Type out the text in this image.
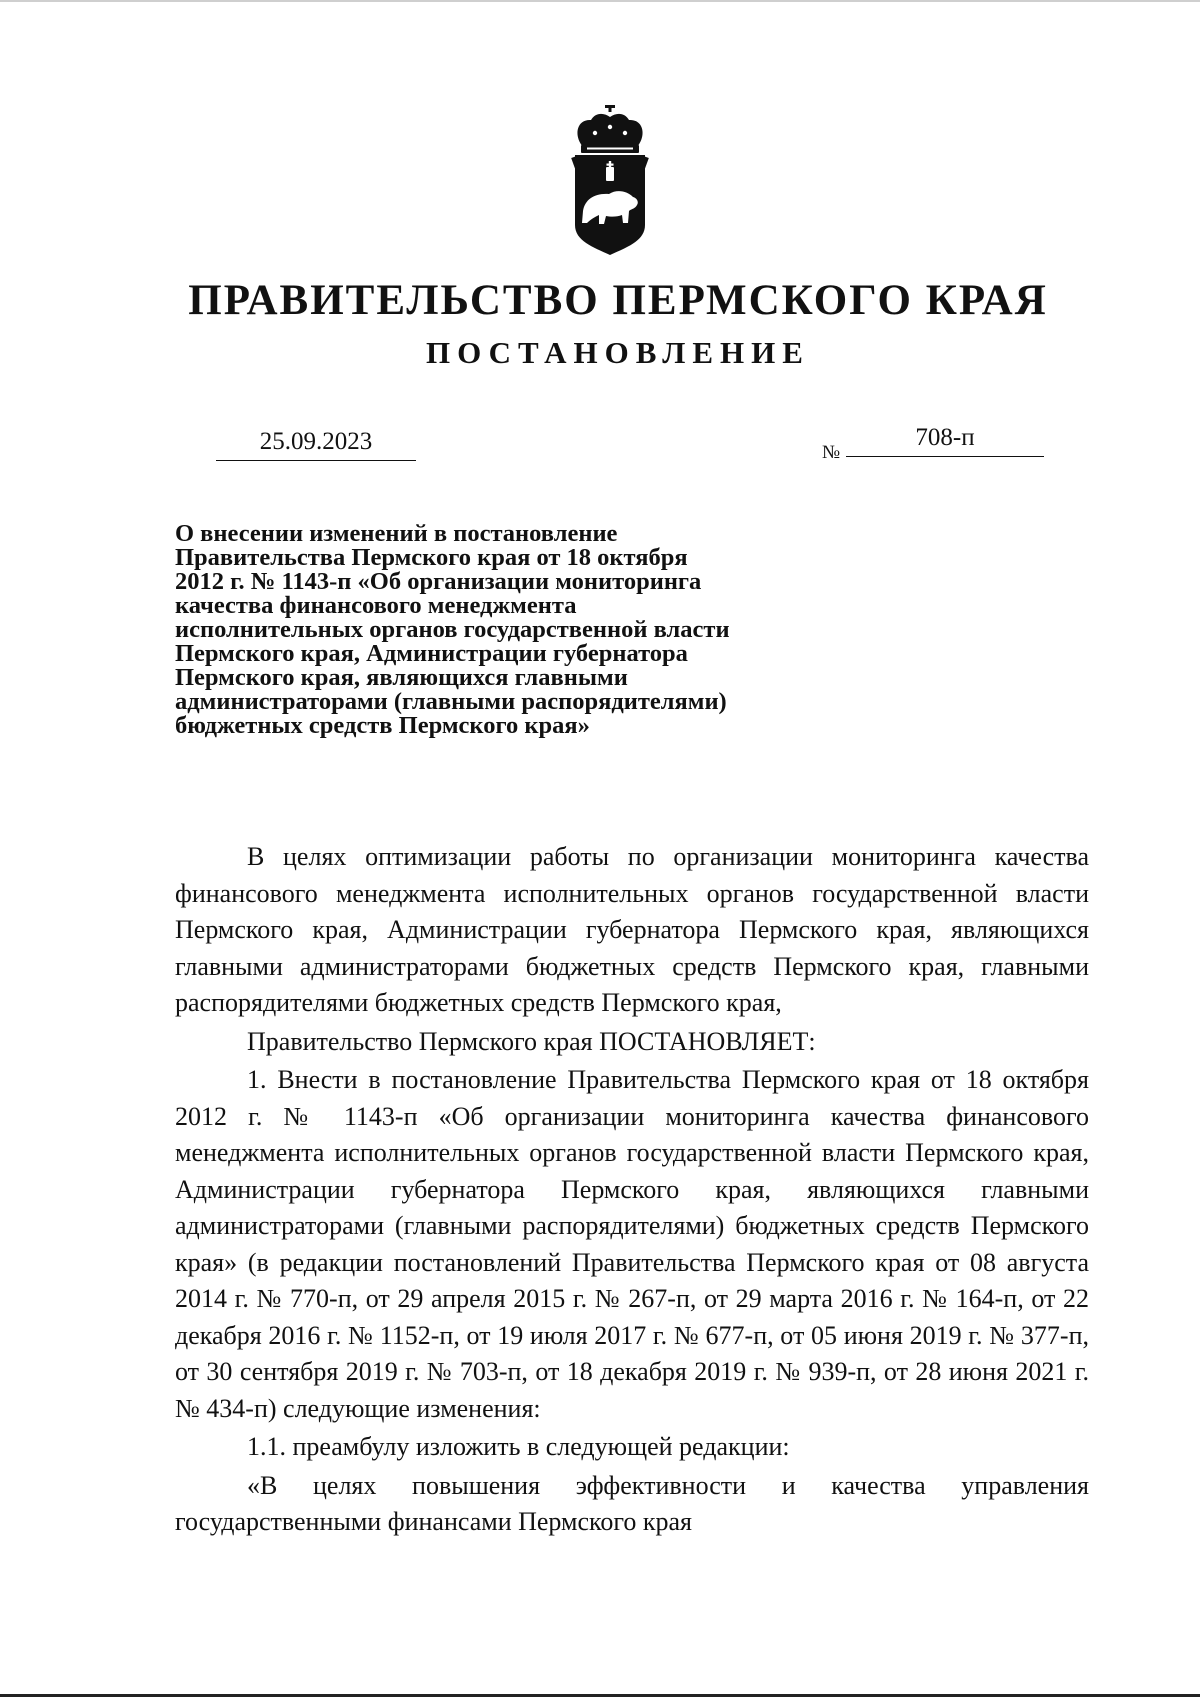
ПРАВИТЕЛЬСТВО ПЕРМСКОГО КРАЯ
ПОСТАНОВЛЕНИЕ
25.09.2023	№
708-п
О внесении изменений в постановление
Правительства Пермского края от 18 октября
2012 г. № 1143-п «Об организации мониторинга
качества финансового менеджмента
исполнительных органов государственной власти
Пермского края, Администрации губернатора
Пермского края, являющихся главными
администраторами (главными распорядителями)
бюджетных средств Пермского края»

В целях оптимизации работы по организации мониторинга качества финансового менеджмента исполнительных органов государственной власти Пермского края, Администрации губернатора Пермского края, являющихся главными администраторами бюджетных средств Пермского края, главными распорядителями бюджетных средств Пермского края,

Правительство Пермского края ПОСТАНОВЛЯЕТ:

1. Внести в постановление Правительства Пермского края от 18 октября 2012 г. № 1143-п «Об организации мониторинга качества финансового менеджмента исполнительных органов государственной власти Пермского края, Администрации губернатора Пермского края, являющихся главными администраторами (главными распорядителями) бюджетных средств Пермского края» (в редакции постановлений Правительства Пермского края от 08 августа 2014 г. № 770-п, от 29 апреля 2015 г. № 267-п, от 29 марта 2016 г. № 164-п, от 22 декабря 2016 г. № 1152-п, от 19 июля 2017 г. № 677-п, от 05 июня 2019 г. № 377-п, от 30 сентября 2019 г. № 703-п, от 18 декабря 2019 г. № 939-п, от 28 июня 2021 г. № 434-п) следующие изменения:

1.1. преамбулу изложить в следующей редакции:

«В целях повышения эффективности и качества управления государственными финансами Пермского края
